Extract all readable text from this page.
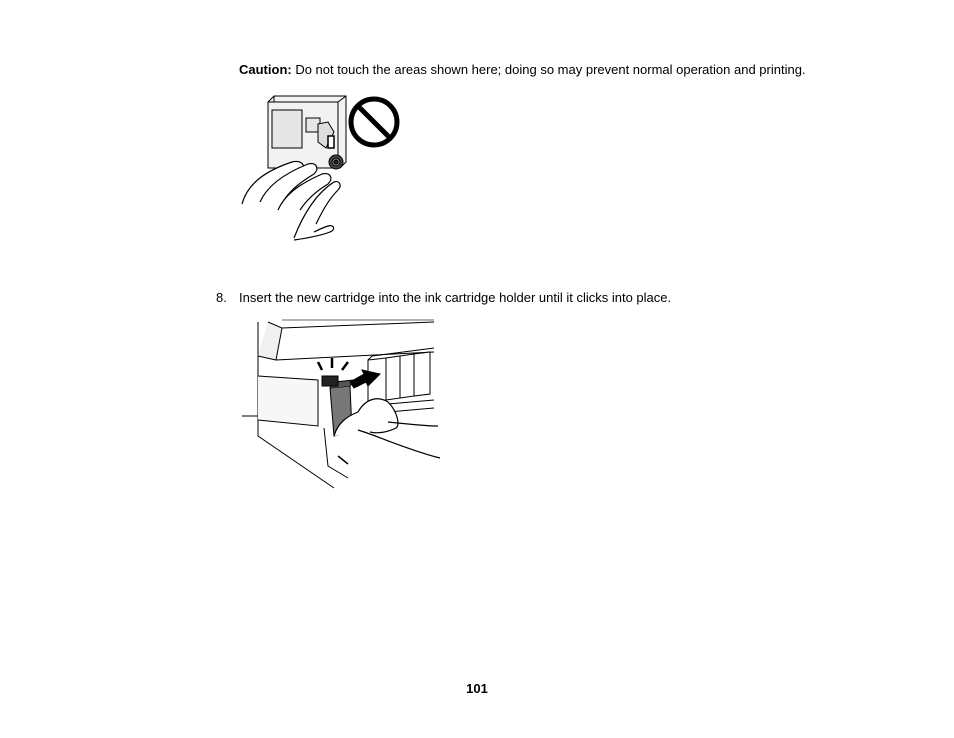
Caution: Do not touch the areas shown here; doing so may prevent normal operation and printing.
8. Insert the new cartridge into the ink cartridge holder until it clicks into place.
101
